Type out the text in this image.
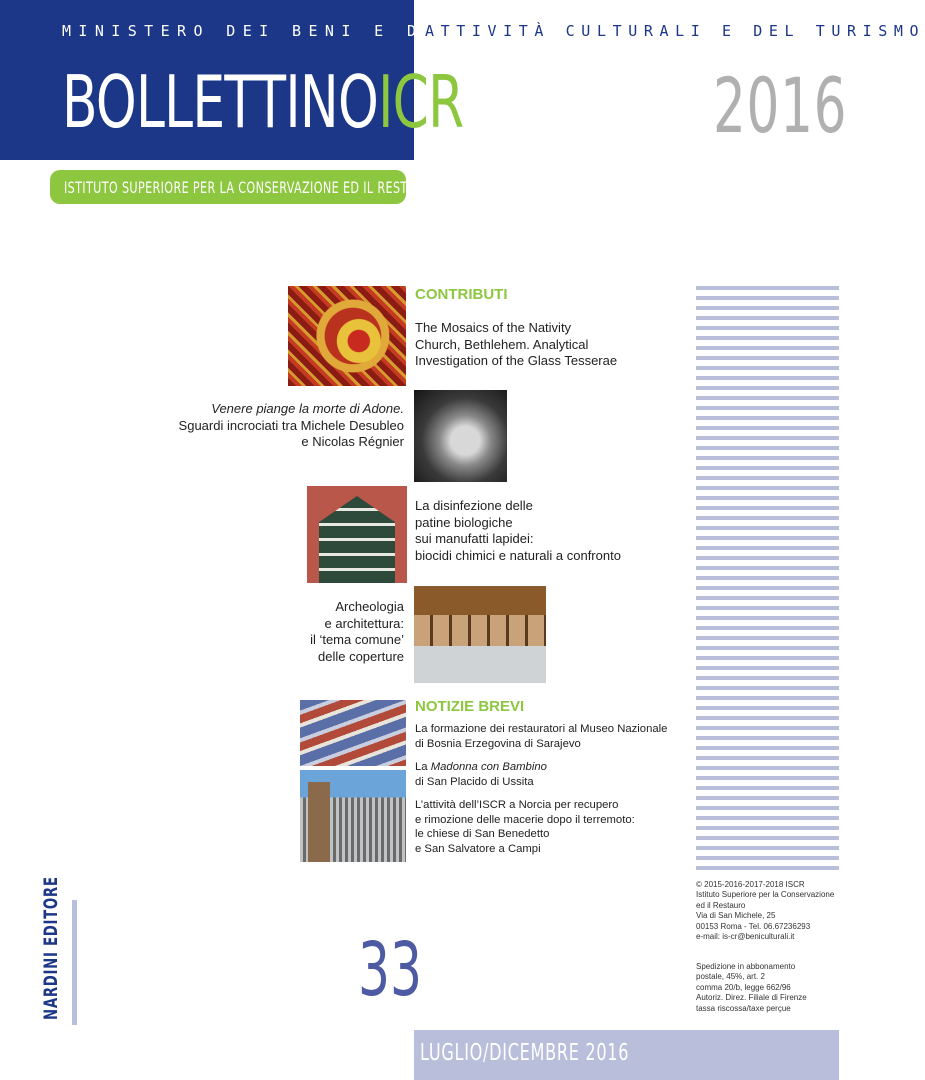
MINISTERO DEI BENI E DELLE
ATTIVITÀ CULTURALI E DEL TURISMO
BOLLETTINOICR	2016
ISTITUTO SUPERIORE PER LA CONSERVAZIONE ED IL RESTAURO
CONTRIBUTI
The Mosaics of the Nativity
Church, Bethlehem. Analytical
Investigation of the Glass Tesserae
Venere piange la morte di Adone.
Sguardi incrociati tra Michele Desubleo
e Nicolas Régnier
La disinfezione delle
patine biologiche
sui manufatti lapidei:
biocidi chimici e naturali a confronto
Archeologia
e architettura:
il ‘tema comune’
delle coperture
NOTIZIE BREVI
La formazione dei restauratori al Museo Nazionale
di Bosnia Erzegovina di Sarajevo
La Madonna con Bambino
di San Placido di Ussita
L’attività dell’ISCR a Norcia per recupero
e rimozione delle macerie dopo il terremoto:
le chiese di San Benedetto
e San Salvatore a Campi
© 2015-2016-2017-2018 ISCR
Istituto Superiore per la Conservazione
ed il Restauro
Via di San Michele, 25
00153 Roma - Tel. 06.67236293
e-mail: is-cr@beniculturali.it
Spedizione in abbonamento
postale, 45%, art. 2
comma 20/b, legge 662/96
Autoriz. Direz. Filiale di Firenze
tassa riscossa/taxe perçue
33
LUGLIO/DICEMBRE 2016
NARDINI EDITORE
